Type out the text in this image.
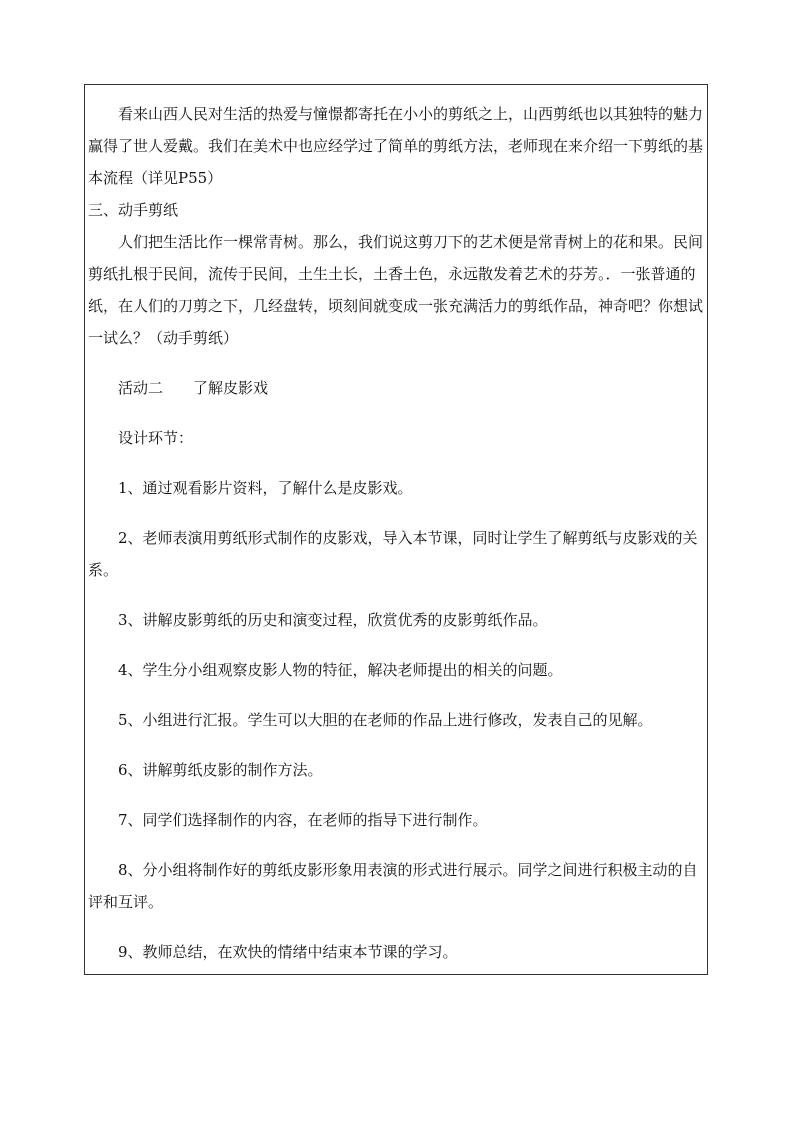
看来山西人民对生活的热爱与憧憬都寄托在小小的剪纸之上，山西剪纸也以其独特的魅力赢得了世人爱戴。我们在美术中也应经学过了简单的剪纸方法，老师现在来介绍一下剪纸的基本流程（详见P55）

三、动手剪纸

人们把生活比作一棵常青树。那么，我们说这剪刀下的艺术便是常青树上的花和果。民间剪纸扎根于民间，流传于民间，土生土长，土香土色，永远散发着艺术的芬芳。．一张普通的纸，在人们的刀剪之下，几经盘转，顷刻间就变成一张充满活力的剪纸作品，神奇吧？你想试一试么？（动手剪纸）

活动二　　了解皮影戏

设计环节：

1、通过观看影片资料，了解什么是皮影戏。

2、老师表演用剪纸形式制作的皮影戏，导入本节课，同时让学生了解剪纸与皮影戏的关系。

3、讲解皮影剪纸的历史和演变过程，欣赏优秀的皮影剪纸作品。

4、学生分小组观察皮影人物的特征，解决老师提出的相关的问题。

5、小组进行汇报。学生可以大胆的在老师的作品上进行修改，发表自己的见解。

6、讲解剪纸皮影的制作方法。

7、同学们选择制作的内容，在老师的指导下进行制作。

8、分小组将制作好的剪纸皮影形象用表演的形式进行展示。同学之间进行积极主动的自评和互评。

9、教师总结，在欢快的情绪中结束本节课的学习。
